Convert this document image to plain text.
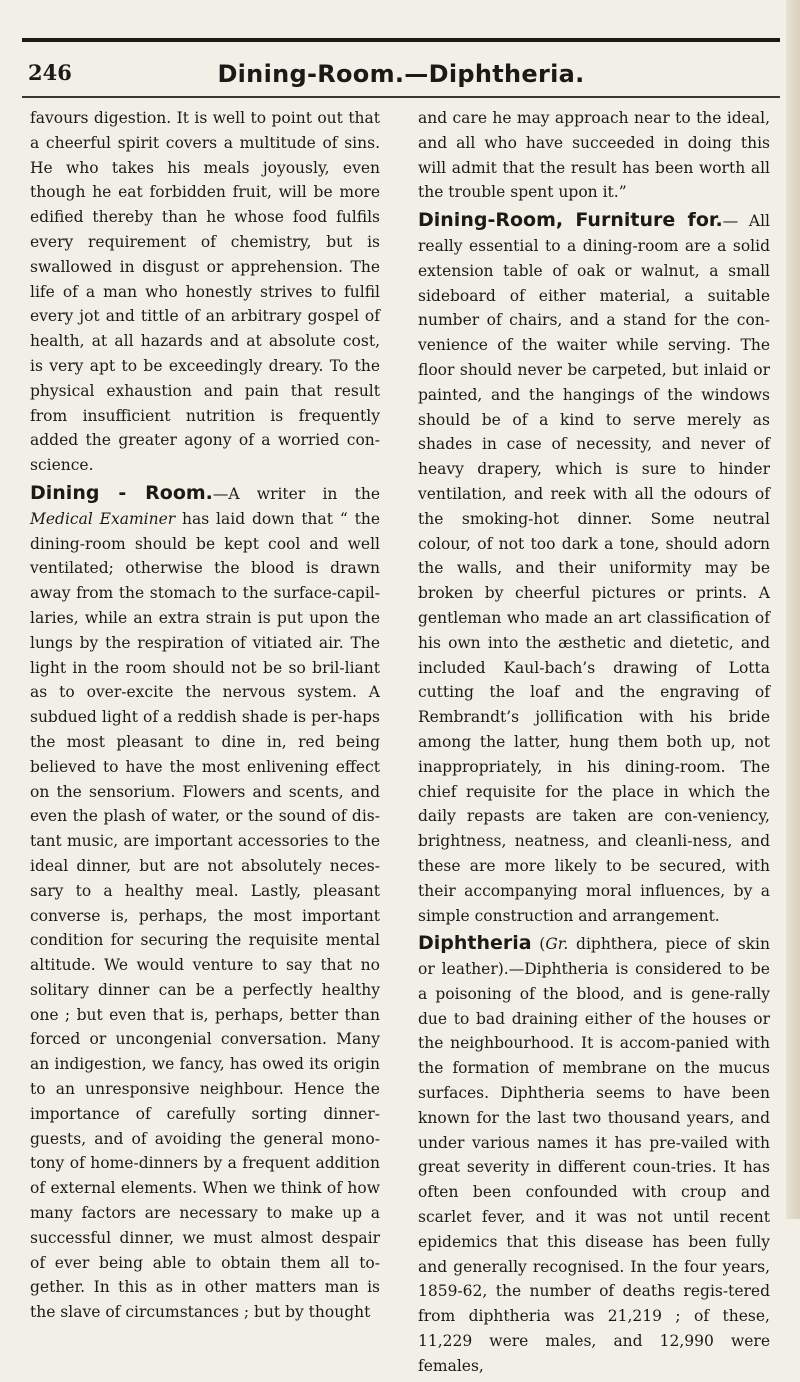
Dining-Room.—Diphtheria.
246

favours digestion. It is well to point out that a cheerful spirit covers a multitude of sins. He who takes his meals joyously, even though he eat forbidden fruit, will be more edified thereby than he whose food fulfils every requirement of chemistry, but is swallowed in disgust or apprehension. The life of a man who honestly strives to fulfil every jot and tittle of an arbitrary gospel of health, at all hazards and at absolute cost, is very apt to be exceedingly dreary. To the physical exhaustion and pain that result from insufficient nutrition is frequently added the greater agony of a worried con-science.

Dining - Room.—A writer in the Medical Examiner has laid down that “ the dining-room should be kept cool and well ventilated; otherwise the blood is drawn away from the stomach to the surface-capil-laries, while an extra strain is put upon the lungs by the respiration of vitiated air. The light in the room should not be so bril-liant as to over-excite the nervous system. A subdued light of a reddish shade is per-haps the most pleasant to dine in, red being believed to have the most enlivening effect on the sensorium. Flowers and scents, and even the plash of water, or the sound of dis-tant music, are important accessories to the ideal dinner, but are not absolutely neces-sary to a healthy meal. Lastly, pleasant converse is, perhaps, the most important condition for securing the requisite mental altitude. We would venture to say that no solitary dinner can be a perfectly healthy one ; but even that is, perhaps, better than forced or uncongenial conversation. Many an indigestion, we fancy, has owed its origin to an unresponsive neighbour. Hence the importance of carefully sorting dinner-guests, and of avoiding the general mono-tony of home-dinners by a frequent addition of external elements. When we think of how many factors are necessary to make up a successful dinner, we must almost despair of ever being able to obtain them all to-gether. In this as in other matters man is the slave of circumstances ; but by thought

and care he may approach near to the ideal, and all who have succeeded in doing this will admit that the result has been worth all the trouble spent upon it.”

Dining-Room, Furniture for.— All really essential to a dining-room are a solid extension table of oak or walnut, a small sideboard of either material, a suitable number of chairs, and a stand for the con-venience of the waiter while serving. The floor should never be carpeted, but inlaid or painted, and the hangings of the windows should be of a kind to serve merely as shades in case of necessity, and never of heavy drapery, which is sure to hinder ventilation, and reek with all the odours of the smoking-hot dinner. Some neutral colour, of not too dark a tone, should adorn the walls, and their uniformity may be broken by cheerful pictures or prints. A gentleman who made an art classification of his own into the æsthetic and dietetic, and included Kaul-bach’s drawing of Lotta cutting the loaf and the engraving of Rembrandt’s jollification with his bride among the latter, hung them both up, not inappropriately, in his dining-room. The chief requisite for the place in which the daily repasts are taken are con-veniency, brightness, neatness, and cleanli-ness, and these are more likely to be secured, with their accompanying moral influences, by a simple construction and arrangement.

Diphtheria (Gr. diphthera, piece of skin or leather).—Diphtheria is considered to be a poisoning of the blood, and is gene-rally due to bad draining either of the houses or the neighbourhood. It is accom-panied with the formation of membrane on the mucus surfaces. Diphtheria seems to have been known for the last two thousand years, and under various names it has pre-vailed with great severity in different coun-tries. It has often been confounded with croup and scarlet fever, and it was not until recent epidemics that this disease has been fully and generally recognised. In the four years, 1859-62, the number of deaths regis-tered from diphtheria was 21,219 ; of these, 11,229 were males, and 12,990 were females,
